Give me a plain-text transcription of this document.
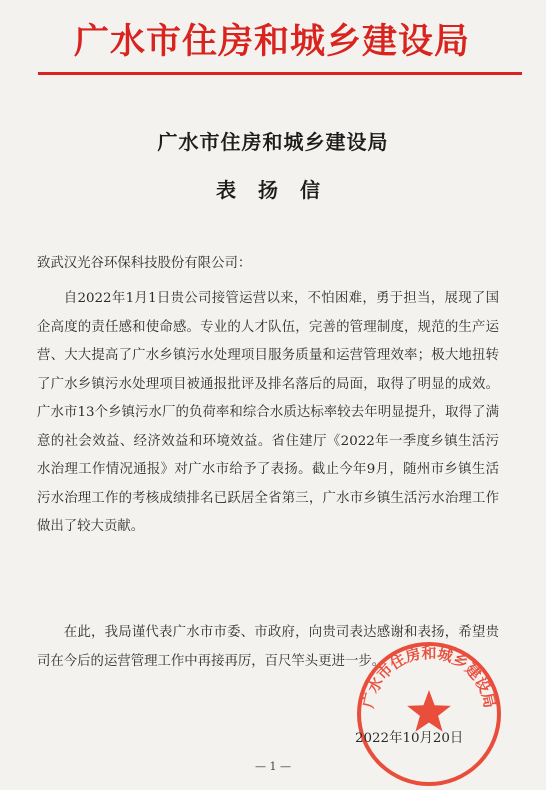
广水市住房和城乡建设局
广水市住房和城乡建设局
表扬信
致武汉光谷环保科技股份有限公司：
自2022年1月1日贵公司接管运营以来，不怕困难，勇于担当，展现了国企高度的责任感和使命感。专业的人才队伍，完善的管理制度，规范的生产运营、大大提高了广水乡镇污水处理项目服务质量和运营管理效率；极大地扭转了广水乡镇污水处理项目被通报批评及排名落后的局面，取得了明显的成效。广水市13个乡镇污水厂的负荷率和综合水质达标率较去年明显提升，取得了满意的社会效益、经济效益和环境效益。省住建厅《2022年一季度乡镇生活污水治理工作情况通报》对广水市给予了表扬。截止今年9月，随州市乡镇生活污水治理工作的考核成绩排名已跃居全省第三，广水市乡镇生活污水治理工作做出了较大贡献。
在此，我局谨代表广水市市委、市政府，向贵司表达感谢和表扬，希望贵司在今后的运营管理工作中再接再厉，百尺竿头更进一步。
广水市住房和城乡建设局
2022年10月20日
— 1 —
